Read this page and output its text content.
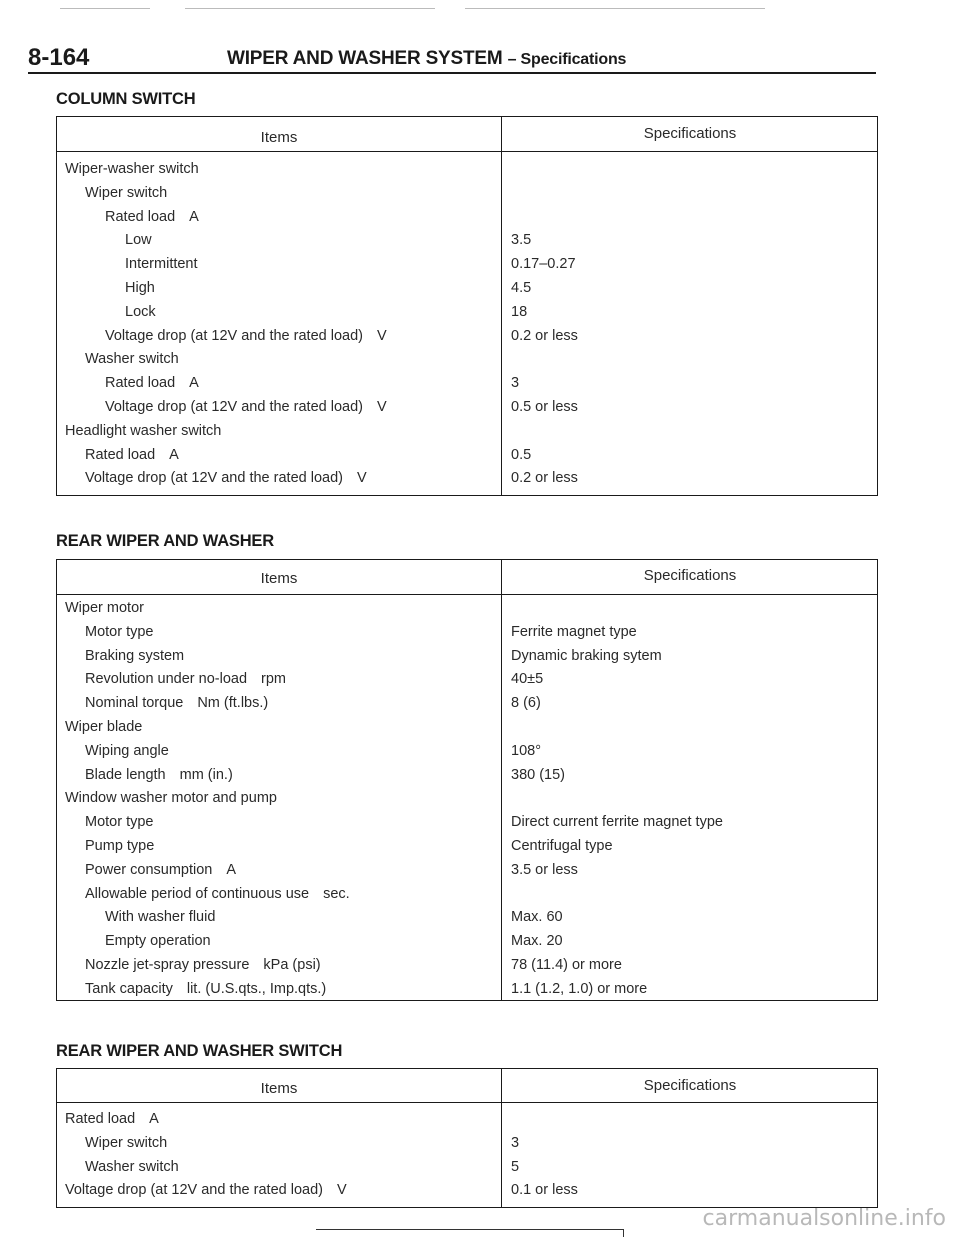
8-164	WIPER AND WASHER SYSTEM – Specifications
COLUMN SWITCH
Items	Specifications
Wiper-washer switch
Wiper switch
Rated load A
Low	3.5
Intermittent	0.17–0.27
High	4.5
Lock	18
Voltage drop (at 12V and the rated load) V	0.2 or less
Washer switch
Rated load A	3
Voltage drop (at 12V and the rated load) V	0.5 or less
Headlight washer switch
Rated load A	0.5
Voltage drop (at 12V and the rated load) V	0.2 or less
REAR WIPER AND WASHER
Items	Specifications
Wiper motor
Motor type	Ferrite magnet type
Braking system	Dynamic braking sytem
Revolution under no-load rpm	40±5
Nominal torque Nm (ft.lbs.)	8 (6)
Wiper blade
Wiping angle	108°
Blade length mm (in.)	380 (15)
Window washer motor and pump
Motor type	Direct current ferrite magnet type
Pump type	Centrifugal type
Power consumption A	3.5 or less
Allowable period of continuous use sec.
With washer fluid	Max. 60
Empty operation	Max. 20
Nozzle jet-spray pressure kPa (psi)	78 (11.4) or more
Tank capacity lit. (U.S.qts., Imp.qts.)	1.1 (1.2, 1.0) or more
REAR WIPER AND WASHER SWITCH
Items	Specifications
Rated load A
Wiper switch	3
Washer switch	5
Voltage drop (at 12V and the rated load) V	0.1 or less
carmanualsonline.info
